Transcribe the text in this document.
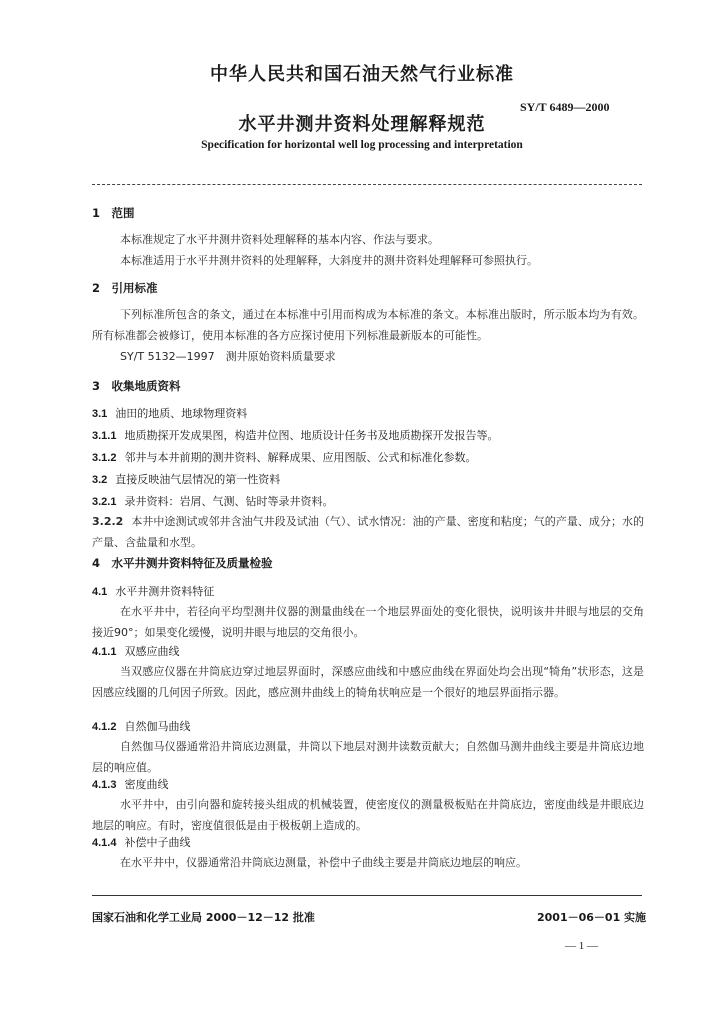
中华人民共和国石油天然气行业标准
SY/T 6489—2000
水平井测井资料处理解释规范
Specification for horizontal well log processing and interpretation
1　范围
本标准规定了水平井测井资料处理解释的基本内容、作法与要求。
本标准适用于水平井测井资料的处理解释，大斜度井的测井资料处理解释可参照执行。
2　引用标准
下列标准所包含的条文，通过在本标准中引用而构成为本标准的条文。本标准出版时，所示版本均为有效。所有标准都会被修订，使用本标准的各方应探讨使用下列标准最新版本的可能性。
SY/T 5132—1997　测井原始资料质量要求
3　收集地质资料
3.1 油田的地质、地球物理资料
3.1.1 地质勘探开发成果图，构造井位图、地质设计任务书及地质勘探开发报告等。
3.1.2 邻井与本井前期的测井资料、解释成果、应用图版、公式和标准化参数。
3.2 直接反映油气层情况的第一性资料
3.2.1 录井资料：岩屑、气测、钻时等录井资料。
3.2.2 本井中途测试或邻井含油气井段及试油（气）、试水情况：油的产量、密度和粘度；气的产量、成分；水的产量、含盐量和水型。
4　水平井测井资料特征及质量检验
4.1 水平井测井资料特征
在水平井中，若径向平均型测井仪器的测量曲线在一个地层界面处的变化很快，说明该井井眼与地层的交角接近90°；如果变化缓慢，说明井眼与地层的交角很小。
4.1.1 双感应曲线
当双感应仪器在井筒底边穿过地层界面时，深感应曲线和中感应曲线在界面处均会出现“犄角”状形态，这是因感应线圈的几何因子所致。因此，感应测井曲线上的犄角状响应是一个很好的地层界面指示器。
4.1.2 自然伽马曲线
自然伽马仪器通常沿井筒底边测量，井筒以下地层对测井读数贡献大；自然伽马测井曲线主要是井筒底边地层的响应值。
4.1.3 密度曲线
水平井中，由引向器和旋转接头组成的机械装置，使密度仪的测量极板贴在井筒底边，密度曲线是井眼底边地层的响应。有时，密度值很低是由于极板朝上造成的。
4.1.4 补偿中子曲线
在水平井中，仪器通常沿井筒底边测量，补偿中子曲线主要是井筒底边地层的响应。
国家石油和化学工业局 2000－12－12 批准	2001－06－01 实施
— 1 —
